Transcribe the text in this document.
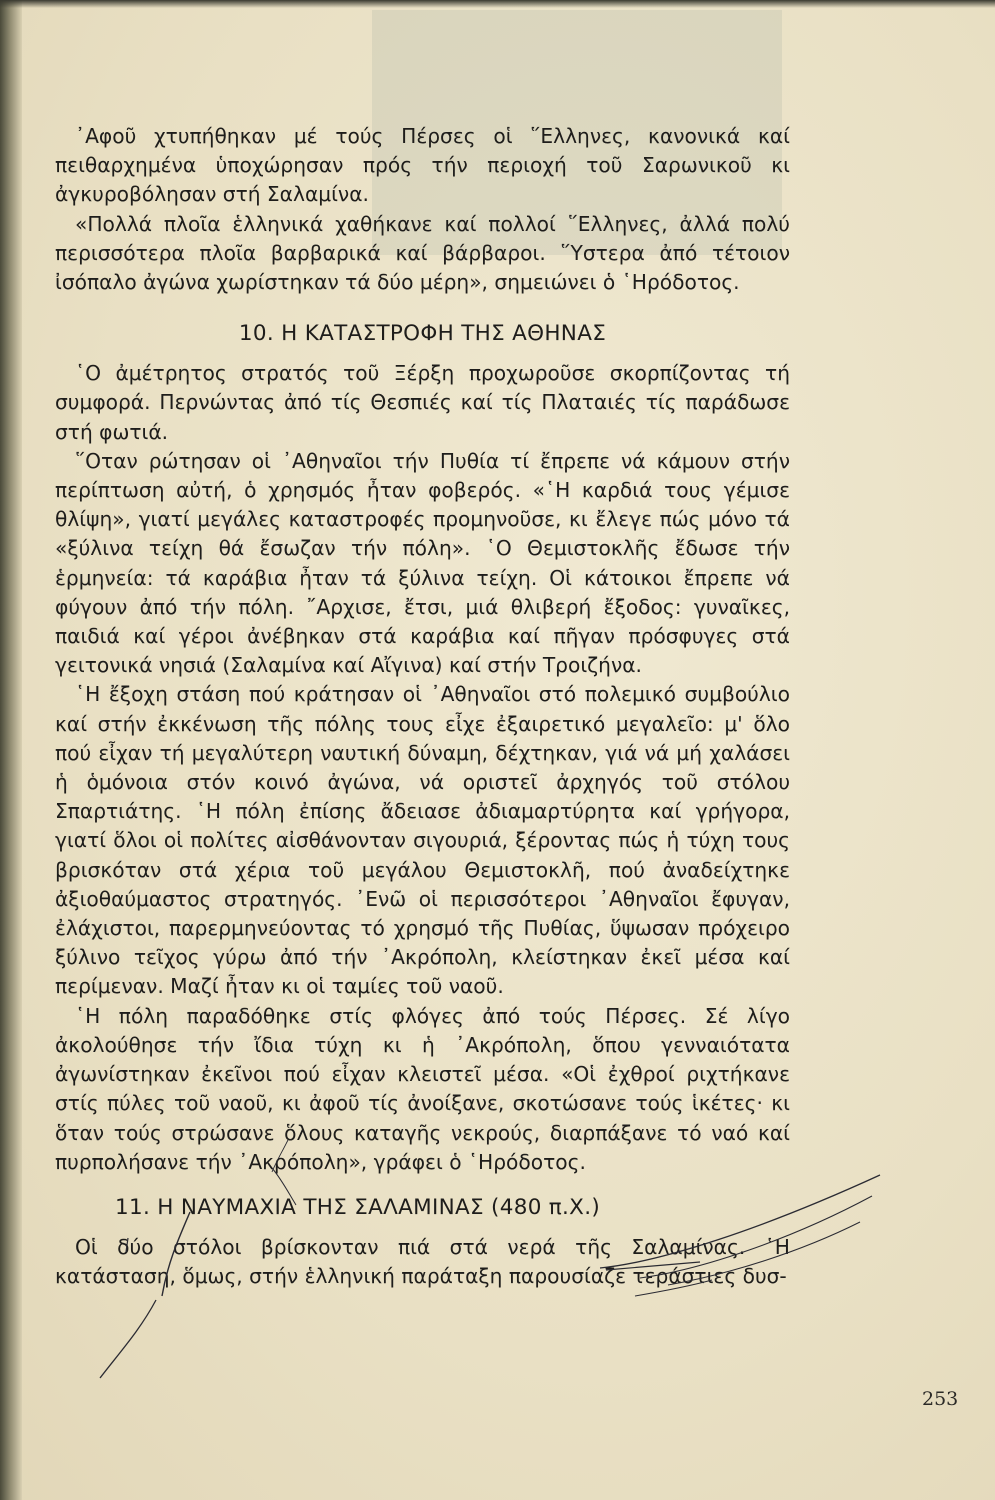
᾿Αφοῦ χτυπήθηκαν μέ τούς Πέρσες οἱ ῞Ελληνες, κανονικά καί πειθαρχημένα ὑποχώρησαν πρός τήν περιοχή τοῦ Σαρωνικοῦ κι ἀγκυροβόλησαν στή Σαλαμίνα.

«Πολλά πλοῖα ἑλληνικά χαθήκανε καί πολλοί ῞Ελληνες, ἀλλά πολύ περισσότερα πλοῖα βαρβαρικά καί βάρβαροι. ῞Υστερα ἀπό τέτοιον ἰσόπαλο ἀγώνα χωρίστηκαν τά δύο μέρη», σημειώνει ὁ ῾Ηρόδοτος.

10. Η ΚΑΤΑΣΤΡΟΦΗ ΤΗΣ ΑΘΗΝΑΣ

῾Ο ἀμέτρητος στρατός τοῦ Ξέρξη προχωροῦσε σκορπίζοντας τή συμφορά. Περνώντας ἀπό τίς Θεσπιές καί τίς Πλαταιές τίς παράδωσε στή φωτιά.

῞Οταν ρώτησαν οἱ ᾿Αθηναῖοι τήν Πυθία τί ἔπρεπε νά κάμουν στήν περίπτωση αὐτή, ὁ χρησμός ἦταν φοβερός. «῾Η καρδιά τους γέμισε θλίψη», γιατί μεγάλες καταστροφές προμηνοῦσε, κι ἔλεγε πώς μόνο τά «ξύλινα τείχη θά ἔσωζαν τήν πόλη». ῾Ο Θεμιστοκλῆς ἔδωσε τήν ἑρμηνεία: τά καράβια ἦταν τά ξύλινα τείχη. Οἱ κάτοικοι ἔπρεπε νά φύγουν ἀπό τήν πόλη. ῎Αρχισε, ἔτσι, μιά θλιβερή ἔξοδος: γυναῖκες, παιδιά καί γέροι ἀνέβηκαν στά καράβια καί πῆγαν πρόσφυγες στά γειτονικά νησιά (Σαλαμίνα καί Αἴγινα) καί στήν Τροιζήνα.

῾Η ἔξοχη στάση πού κράτησαν οἱ ᾿Αθηναῖοι στό πολεμικό συμβούλιο καί στήν ἐκκένωση τῆς πόλης τους εἶχε ἐξαιρετικό μεγαλεῖο: μ' ὅλο πού εἶχαν τή μεγαλύτερη ναυτική δύναμη, δέχτηκαν, γιά νά μή χαλάσει ἡ ὁμόνοια στόν κοινό ἀγώνα, νά οριστεῖ ἀρχηγός τοῦ στόλου Σπαρτιάτης. ῾Η πόλη ἐπίσης ἄδειασε ἀδιαμαρτύρητα καί γρήγορα, γιατί ὅλοι οἱ πολίτες αἰσθάνονταν σιγουριά, ξέροντας πώς ἡ τύχη τους βρισκόταν στά χέρια τοῦ μεγάλου Θεμιστοκλῆ, πού ἀναδείχτηκε ἀξιοθαύμαστος στρατηγός. ᾿Ενῶ οἱ περισσότεροι ᾿Αθηναῖοι ἔφυγαν, ἐλάχιστοι, παρερμηνεύοντας τό χρησμό τῆς Πυθίας, ὕψωσαν πρόχειρο ξύλινο τεῖχος γύρω ἀπό τήν ᾿Ακρόπολη, κλείστηκαν ἐκεῖ μέσα καί περίμεναν. Μαζί ἦταν κι οἱ ταμίες τοῦ ναοῦ.

῾Η πόλη παραδόθηκε στίς φλόγες ἀπό τούς Πέρσες. Σέ λίγο ἀκολούθησε τήν ἴδια τύχη κι ἡ ᾿Ακρόπολη, ὅπου γενναιότατα ἀγωνίστηκαν ἐκεῖνοι πού εἶχαν κλειστεῖ μέσα. «Οἱ ἐχθροί ριχτήκανε στίς πύλες τοῦ ναοῦ, κι ἀφοῦ τίς ἀνοίξανε, σκοτώσανε τούς ἱκέτες· κι ὅταν τούς στρώσανε ὅλους καταγῆς νεκρούς, διαρπάξανε τό ναό καί πυρπολήσανε τήν ᾿Ακρόπολη», γράφει ὁ ῾Ηρόδοτος.

11. Η ΝΑΥΜΑΧΙΑ ΤΗΣ ΣΑΛΑΜΙΝΑΣ (480 π.Χ.)

Οἱ δύο στόλοι βρίσκονταν πιά στά νερά τῆς Σαλαμίνας. ῾Η κατάσταση, ὅμως, στήν ἑλληνική παράταξη παρουσίαζε τεράστιες δυσ-

253
